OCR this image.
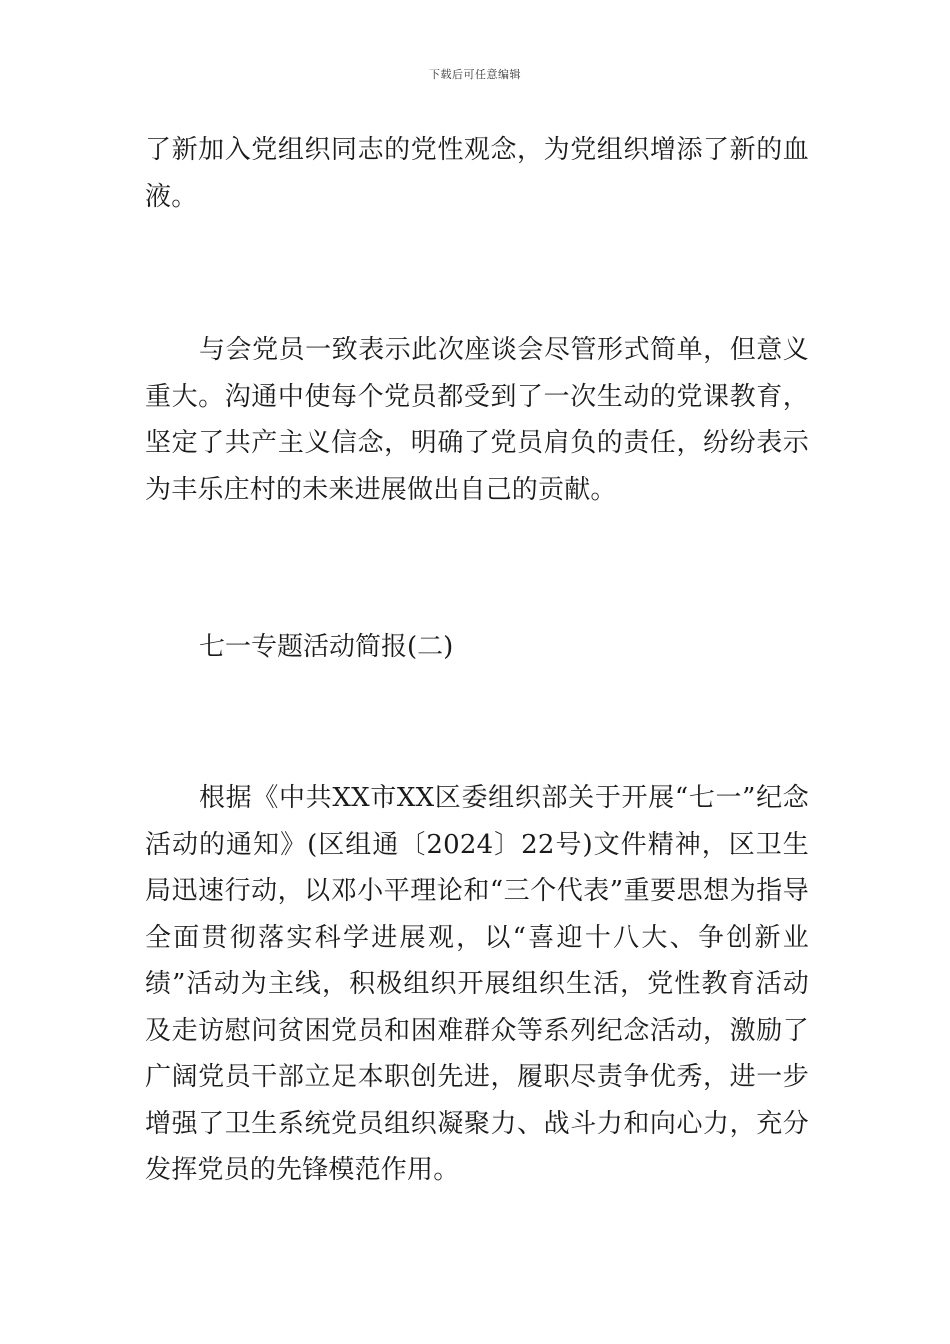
下载后可任意编辑

了新加入党组织同志的党性观念，为党组织增添了新的血液。

与会党员一致表示此次座谈会尽管形式简单，但意义重大。沟通中使每个党员都受到了一次生动的党课教育，坚定了共产主义信念，明确了党员肩负的责任，纷纷表示为丰乐庄村的未来进展做出自己的贡献。

七一专题活动简报(二)

根据《中共XX市XX区委组织部关于开展“七一”纪念活动的通知》(区组通〔2024〕22号)文件精神，区卫生局迅速行动，以邓小平理论和“三个代表”重要思想为指导全面贯彻落实科学进展观，以“喜迎十八大、争创新业绩”活动为主线，积极组织开展组织生活，党性教育活动及走访慰问贫困党员和困难群众等系列纪念活动，激励了广阔党员干部立足本职创先进，履职尽责争优秀，进一步增强了卫生系统党员组织凝聚力、战斗力和向心力，充分发挥党员的先锋模范作用。
